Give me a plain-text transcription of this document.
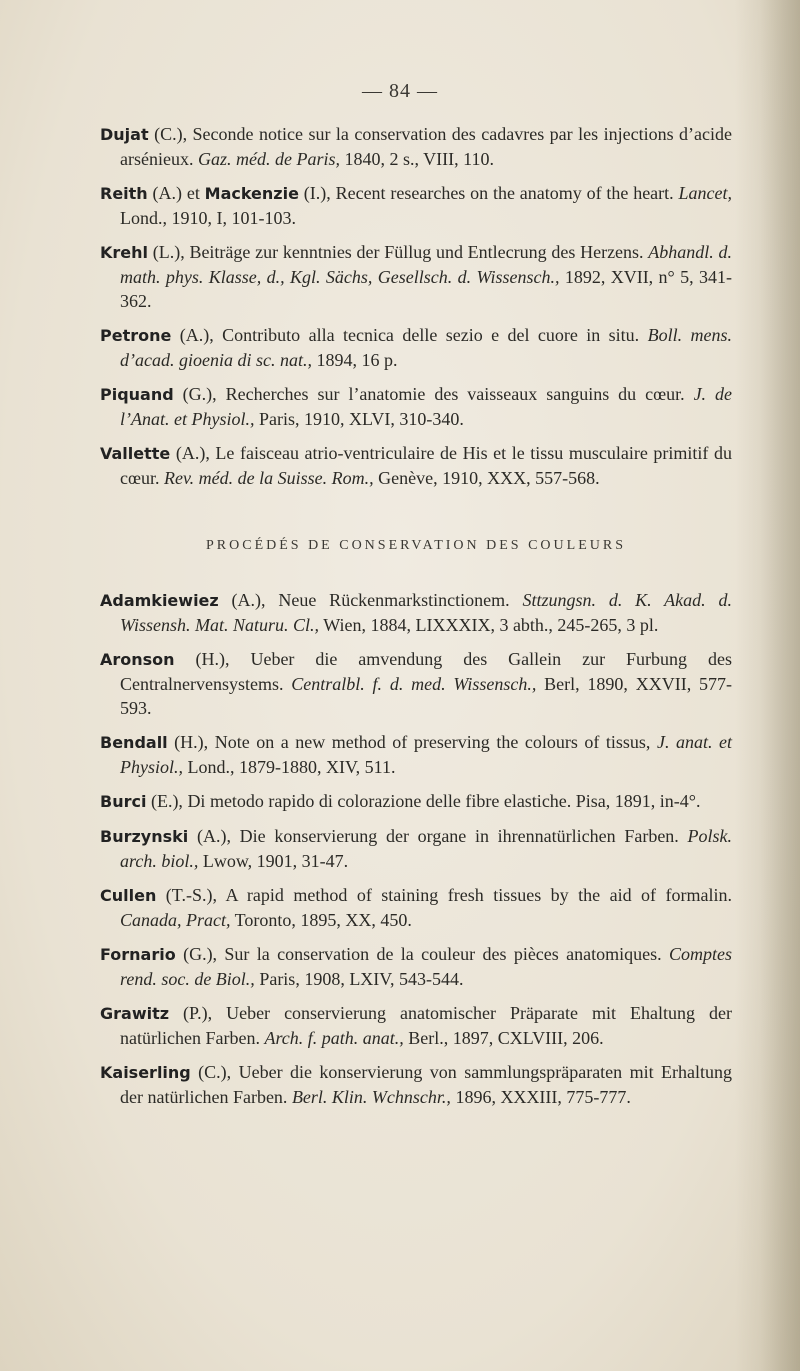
— 84 —
Dujat (C.), Seconde notice sur la conservation des cadavres par les injections d’acide arsénieux. Gaz. méd. de Paris, 1840, 2 s., VIII, 110.
Reith (A.) et Mackenzie (I.), Recent researches on the anatomy of the heart. Lancet, Lond., 1910, I, 101-103.
Krehl (L.), Beiträge zur kenntnies der Füllug und Entlecrung des Herzens. Abhandl. d. math. phys. Klasse, d., Kgl. Sächs, Gesellsch. d. Wissensch., 1892, XVII, n° 5, 341-362.
Petrone (A.), Contributo alla tecnica delle sezio e del cuore in situ. Boll. mens. d’acad. gioenia di sc. nat., 1894, 16 p.
Piquand (G.), Recherches sur l’anatomie des vaisseaux sanguins du cœur. J. de l’Anat. et Physiol., Paris, 1910, XLVI, 310-340.
Vallette (A.), Le faisceau atrio-ventriculaire de His et le tissu musculaire primitif du cœur. Rev. méd. de la Suisse. Rom., Genève, 1910, XXX, 557-568.
PROCÉDÉS DE CONSERVATION DES COULEURS
Adamkiewiez (A.), Neue Rückenmarkstinctionem. Sttzungsn. d. K. Akad. d. Wissensh. Mat. Naturu. Cl., Wien, 1884, LIXXXIX, 3 abth., 245-265, 3 pl.
Aronson (H.), Ueber die amvendung des Gallein zur Furbung des Centralnervensystems. Centralbl. f. d. med. Wissensch., Berl, 1890, XXVII, 577-593.
Bendall (H.), Note on a new method of preserving the colours of tissus, J. anat. et Physiol., Lond., 1879-1880, XIV, 511.
Burci (E.), Di metodo rapido di colorazione delle fibre elastiche. Pisa, 1891, in-4°.
Burzynski (A.), Die konservierung der organe in ihrennatürlichen Farben. Polsk. arch. biol., Lwow, 1901, 31-47.
Cullen (T.-S.), A rapid method of staining fresh tissues by the aid of formalin. Canada, Pract, Toronto, 1895, XX, 450.
Fornario (G.), Sur la conservation de la couleur des pièces anatomiques. Comptes rend. soc. de Biol., Paris, 1908, LXIV, 543-544.
Grawitz (P.), Ueber conservierung anatomischer Präparate mit Ehaltung der natürlichen Farben. Arch. f. path. anat., Berl., 1897, CXLVIII, 206.
Kaiserling (C.), Ueber die konservierung von sammlungspräparaten mit Erhaltung der natürlichen Farben. Berl. Klin. Wchnschr., 1896, XXXIII, 775-777.
